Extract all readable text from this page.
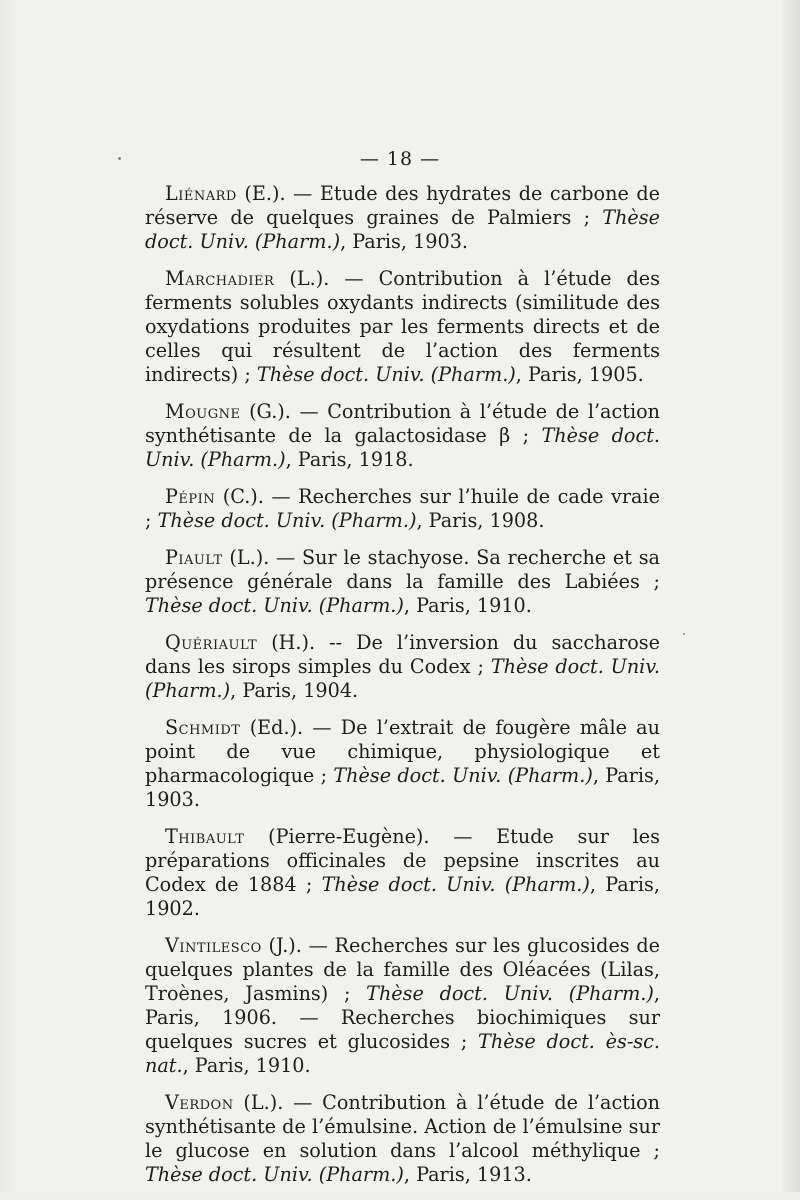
— 18 —

Liénard (E.). — Etude des hydrates de carbone de réserve de quelques graines de Palmiers ; Thèse doct. Univ. (Pharm.), Paris, 1903.

Marchadier (L.). — Contribution à l’étude des ferments solubles oxydants indirects (similitude des oxydations produites par les ferments directs et de celles qui résultent de l’action des ferments indirects) ; Thèse doct. Univ. (Pharm.), Paris, 1905.

Mougne (G.). — Contribution à l’étude de l’action synthétisante de la galactosidase β ; Thèse doct. Univ. (Pharm.), Paris, 1918.

Pépin (C.). — Recherches sur l’huile de cade vraie ; Thèse doct. Univ. (Pharm.), Paris, 1908.

Piault (L.). — Sur le stachyose. Sa recherche et sa présence générale dans la famille des Labiées ; Thèse doct. Univ. (Pharm.), Paris, 1910.

Quériault (H.). -- De l’inversion du saccharose dans les sirops simples du Codex ; Thèse doct. Univ. (Pharm.), Paris, 1904.

Schmidt (Ed.). — De l’extrait de fougère mâle au point de vue chimique, physiologique et pharmacologique ; Thèse doct. Univ. (Pharm.), Paris, 1903.

Thibault (Pierre-Eugène). — Etude sur les préparations officinales de pepsine inscrites au Codex de 1884 ; Thèse doct. Univ. (Pharm.), Paris, 1902.

Vintilesco (J.). — Recherches sur les glucosides de quelques plantes de la famille des Oléacées (Lilas, Troènes, Jasmins) ; Thèse doct. Univ. (Pharm.), Paris, 1906. — Recherches biochimiques sur quelques sucres et glucosides ; Thèse doct. ès-sc. nat., Paris, 1910.

Verdon (L.). — Contribution à l’étude de l’action synthétisante de l’émulsine. Action de l’émulsine sur le glucose en solution dans l’alcool méthylique ; Thèse doct. Univ. (Pharm.), Paris, 1913.
